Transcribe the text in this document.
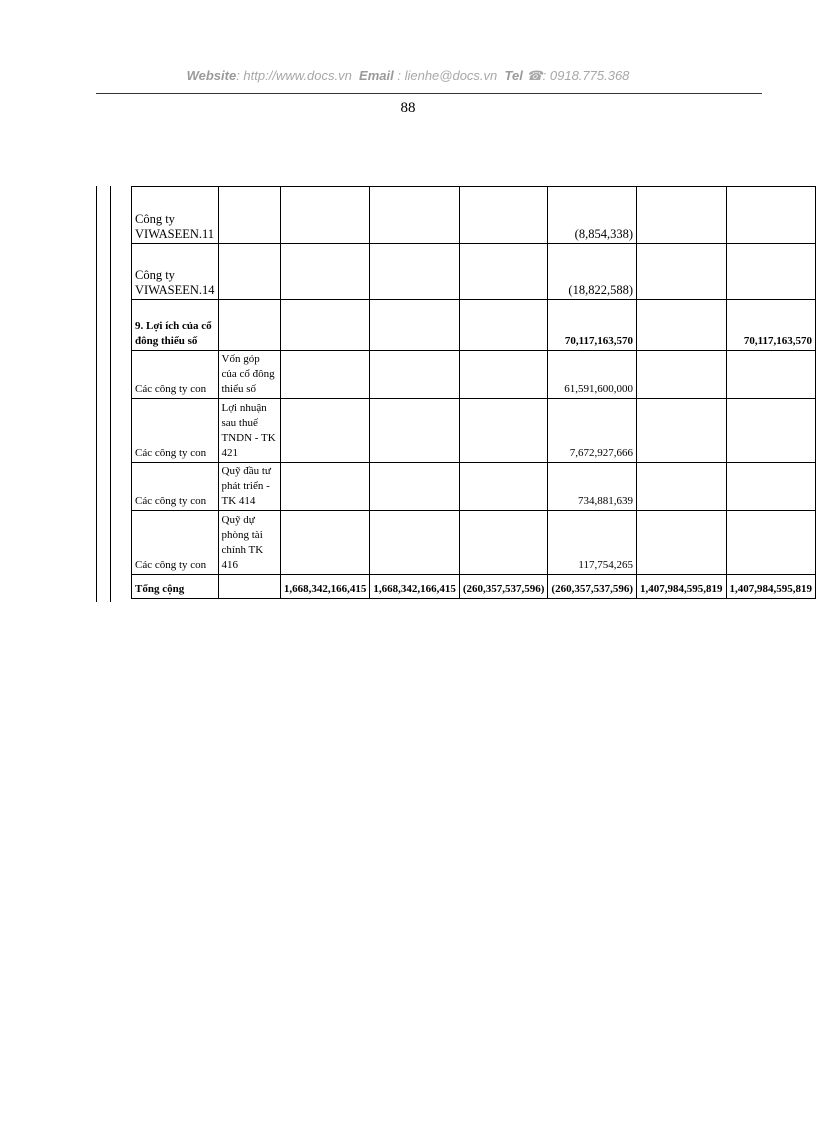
Website: http://www.docs.vn Email : lienhe@docs.vn Tel ☎: 0918.775.368
88
Công ty VIWASEEN.11					(8,854,338)		
Công ty VIWASEEN.14					(18,822,588)		
9. Lợi ích của cổ đông thiểu số					70,117,163,570		70,117,163,570
Các công ty con	Vốn góp của cổ đông thiểu số				61,591,600,000		
Các công ty con	Lợi nhuận sau thuế TNDN - TK 421				7,672,927,666		
Các công ty con	Quỹ đầu tư phát triển - TK 414				734,881,639		
Các công ty con	Quỹ dự phòng tài chính TK 416				117,754,265		
Tổng cộng		1,668,342,166,415	1,668,342,166,415	(260,357,537,596)	(260,357,537,596)	1,407,984,595,819	1,407,984,595,819
